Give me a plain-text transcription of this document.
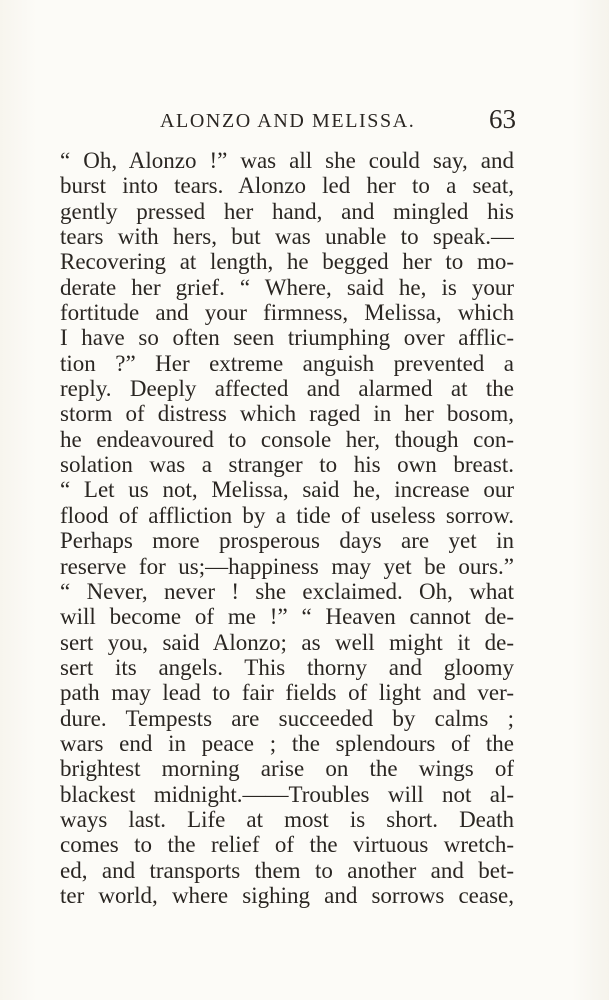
ALONZO AND MELISSA.	63
“ Oh, Alonzo !” was all she could say, and
burst into tears. Alonzo led her to a seat,
gently pressed her hand, and mingled his
tears with hers, but was unable to speak.—
Recovering at length, he begged her to mo-
derate her grief. “ Where, said he, is your
fortitude and your firmness, Melissa, which
I have so often seen triumphing over afflic-
tion ?” Her extreme anguish prevented a
reply. Deeply affected and alarmed at the
storm of distress which raged in her bosom,
he endeavoured to console her, though con-
solation was a stranger to his own breast.
“ Let us not, Melissa, said he, increase our
flood of affliction by a tide of useless sorrow.
Perhaps more prosperous days are yet in
reserve for us;—happiness may yet be ours.”
“ Never, never ! she exclaimed. Oh, what
will become of me !” “ Heaven cannot de-
sert you, said Alonzo; as well might it de-
sert its angels. This thorny and gloomy
path may lead to fair fields of light and ver-
dure. Tempests are succeeded by calms ;
wars end in peace ; the splendours of the
brightest morning arise on the wings of
blackest midnight.——Troubles will not al-
ways last. Life at most is short. Death
comes to the relief of the virtuous wretch-
ed, and transports them to another and bet-
ter world, where sighing and sorrows cease,
